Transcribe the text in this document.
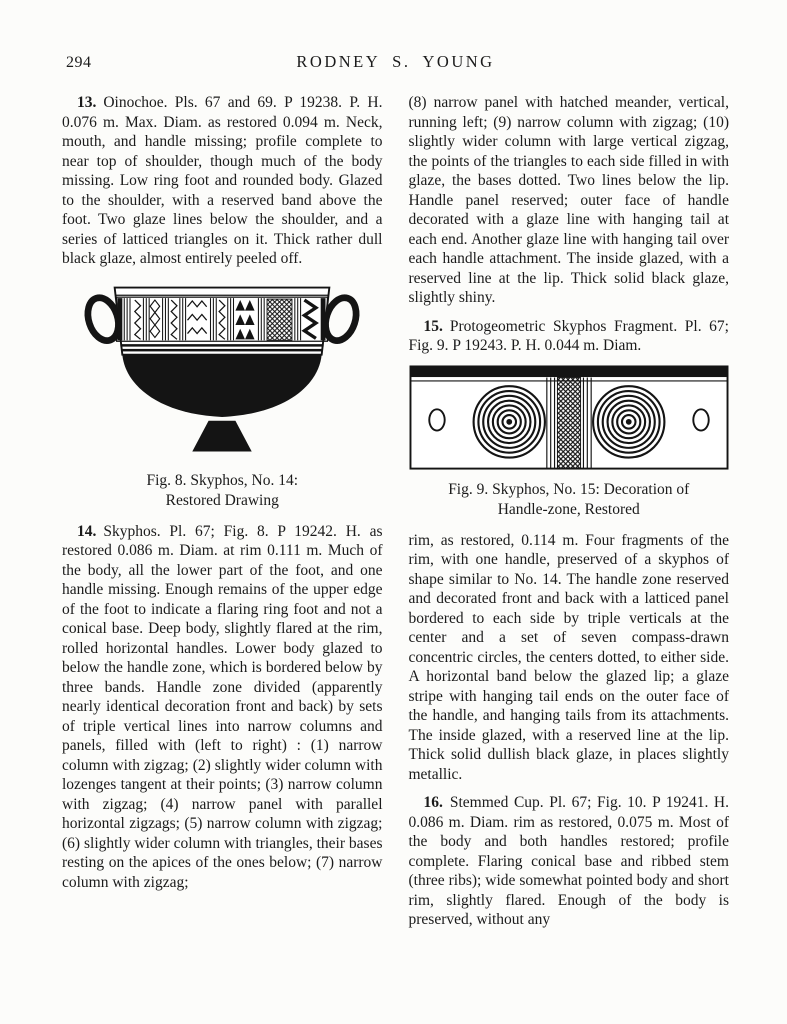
294	RODNEY S. YOUNG

13. Oinochoe. Pls. 67 and 69. P 19238. P. H. 0.076 m. Max. Diam. as restored 0.094 m. Neck, mouth, and handle missing; profile complete to near top of shoulder, though much of the body missing. Low ring foot and rounded body. Glazed to the shoulder, with a reserved band above the foot. Two glaze lines below the shoulder, and a series of latticed triangles on it. Thick rather dull black glaze, almost entirely peeled off.

Fig. 8. Skyphos, No. 14:
Restored Drawing

14. Skyphos. Pl. 67; Fig. 8. P 19242. H. as restored 0.086 m. Diam. at rim 0.111 m. Much of the body, all the lower part of the foot, and one handle missing. Enough remains of the upper edge of the foot to indicate a flaring ring foot and not a conical base. Deep body, slightly flared at the rim, rolled horizontal handles. Lower body glazed to below the handle zone, which is bordered below by three bands. Handle zone divided (apparently nearly identical decoration front and back) by sets of triple vertical lines into narrow columns and panels, filled with (left to right) : (1) narrow column with zigzag; (2) slightly wider column with lozenges tangent at their points; (3) narrow column with zigzag; (4) narrow panel with parallel horizontal zigzags; (5) narrow column with zigzag; (6) slightly wider column with triangles, their bases resting on the apices of the ones below; (7) narrow column with zigzag;

(8) narrow panel with hatched meander, vertical, running left; (9) narrow column with zigzag; (10) slightly wider column with large vertical zigzag, the points of the triangles to each side filled in with glaze, the bases dotted. Two lines below the lip. Handle panel reserved; outer face of handle decorated with a glaze line with hanging tail at each end. Another glaze line with hanging tail over each handle attachment. The inside glazed, with a reserved line at the lip. Thick solid black glaze, slightly shiny.

15. Protogeometric Skyphos Fragment. Pl. 67; Fig. 9. P 19243. P. H. 0.044 m. Diam.

Fig. 9. Skyphos, No. 15: Decoration of
Handle-zone, Restored

rim, as restored, 0.114 m. Four fragments of the rim, with one handle, preserved of a skyphos of shape similar to No. 14. The handle zone reserved and decorated front and back with a latticed panel bordered to each side by triple verticals at the center and a set of seven compass-drawn concentric circles, the centers dotted, to either side. A horizontal band below the glazed lip; a glaze stripe with hanging tail ends on the outer face of the handle, and hanging tails from its attachments. The inside glazed, with a reserved line at the lip. Thick solid dullish black glaze, in places slightly metallic.

16. Stemmed Cup. Pl. 67; Fig. 10. P 19241. H. 0.086 m. Diam. rim as restored, 0.075 m. Most of the body and both handles restored; profile complete. Flaring conical base and ribbed stem (three ribs); wide somewhat pointed body and short rim, slightly flared. Enough of the body is preserved, without any
